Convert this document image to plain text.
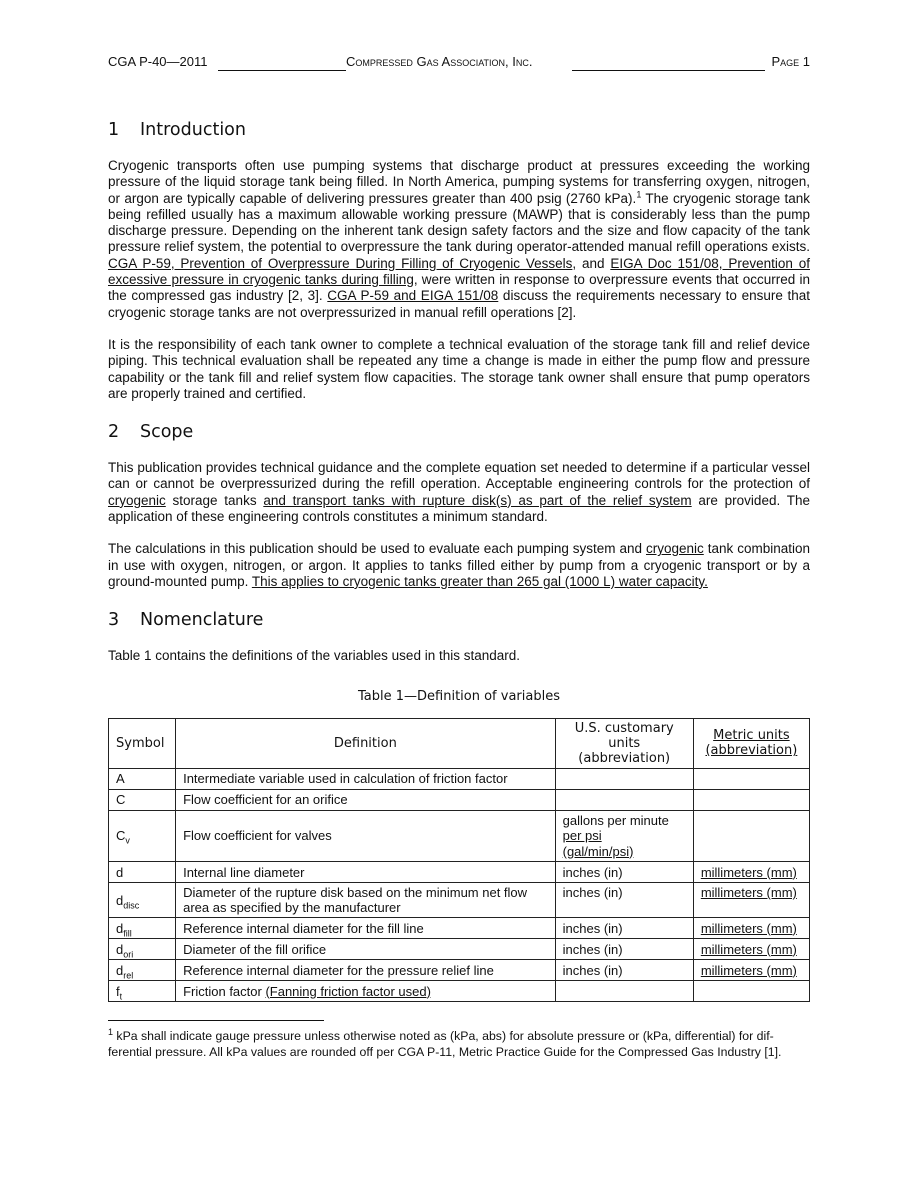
CGA P-40—2011	Compressed Gas Association, Inc.	Page 1
1 Introduction

Cryogenic transports often use pumping systems that discharge product at pressures exceeding the working pressure of the liquid storage tank being filled. In North America, pumping systems for transferring oxygen, nitrogen, or argon are typically capable of delivering pressures greater than 400 psig (2760 kPa).$^1$ The cryogenic storage tank being refilled usually has a maximum allowable working pressure (MAWP) that is considerably less than the pump discharge pressure. Depending on the inherent tank design safety factors and the size and flow capacity of the tank pressure relief system, the potential to overpressure the tank during operator-attended manual refill operations exists. CGA P-59, Prevention of Overpressure During Filling of Cryogenic Vessels, and EIGA Doc 151/08, Prevention of excessive pressure in cryogenic tanks during filling, were written in response to overpressure events that occurred in the compressed gas industry [2, 3]. CGA P-59 and EIGA 151/08 discuss the requirements necessary to ensure that cryogenic storage tanks are not overpressurized in manual refill operations [2].

It is the responsibility of each tank owner to complete a technical evaluation of the storage tank fill and relief device piping. This technical evaluation shall be repeated any time a change is made in either the pump flow and pressure capability or the tank fill and relief system flow capacities. The storage tank owner shall ensure that pump operators are properly trained and certified.

2 Scope

This publication provides technical guidance and the complete equation set needed to determine if a particular vessel can or cannot be overpressurized during the refill operation. Acceptable engineering controls for the protection of cryogenic storage tanks and transport tanks with rupture disk(s) as part of the relief system are provided. The application of these engineering controls constitutes a minimum standard.

The calculations in this publication should be used to evaluate each pumping system and cryogenic tank combination in use with oxygen, nitrogen, or argon. It applies to tanks filled either by pump from a cryogenic transport or by a ground-mounted pump. This applies to cryogenic tanks greater than 265 gal (1000 L) water capacity.

3 Nomenclature

Table 1 contains the definitions of the variables used in this standard.

Table 1—Definition of variables
Symbol	Definition	U.S. customary units (abbreviation)	Metric units (abbreviation)
A	Intermediate variable used in calculation of friction factor		
C	Flow coefficient for an orifice		
$C_v$	Flow coefficient for valves	gallons per minute
per psi
(gal/min/psi)	

d	Internal line diameter	inches (in)	millimeters (mm)
$d_{disc}$	Diameter of the rupture disk based on the minimum net flow area as specified by the manufacturer	inches (in)	millimeters (mm)
$d_{fill}$	Reference internal diameter for the fill line	inches (in)	millimeters (mm)
$d_{ori}$	Diameter of the fill orifice	inches (in)	millimeters (mm)
$d_{rel}$	Reference internal diameter for the pressure relief line	inches (in)	millimeters (mm)
$f_t$	Friction factor (Fanning friction factor used)		
$^1$ kPa shall indicate gauge pressure unless otherwise noted as (kPa, abs) for absolute pressure or (kPa, differential) for differential pressure. All kPa values are rounded off per CGA P-11, Metric Practice Guide for the Compressed Gas Industry [1].
